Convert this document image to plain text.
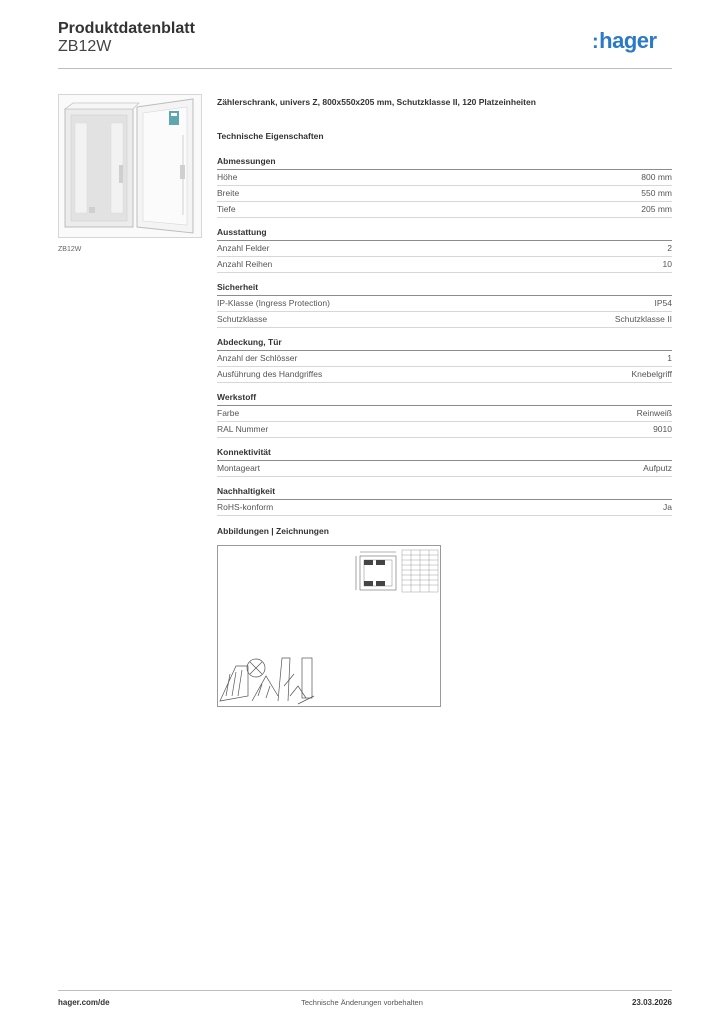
Produktdatenblatt
ZB12W	:hager
ZB12W
Zählerschrank, univers Z, 800x550x205 mm, Schutzklasse II, 120 Platzeinheiten
Technische Eigenschaften
Abmessungen
Höhe	800 mm
Breite	550 mm
Tiefe	205 mm
Ausstattung
Anzahl Felder	2
Anzahl Reihen	10
Sicherheit
IP-Klasse (Ingress Protection)	IP54
Schutzklasse	Schutzklasse II
Abdeckung, Tür
Anzahl der Schlösser	1
Ausführung des Handgriffes	Knebelgriff
Werkstoff
Farbe	Reinweiß
RAL Nummer	9010
Konnektivität
Montageart	Aufputz
Nachhaltigkeit
RoHS-konform	Ja
Abbildungen | Zeichnungen
hager.com/de	Technische Änderungen vorbehalten	23.03.2026
